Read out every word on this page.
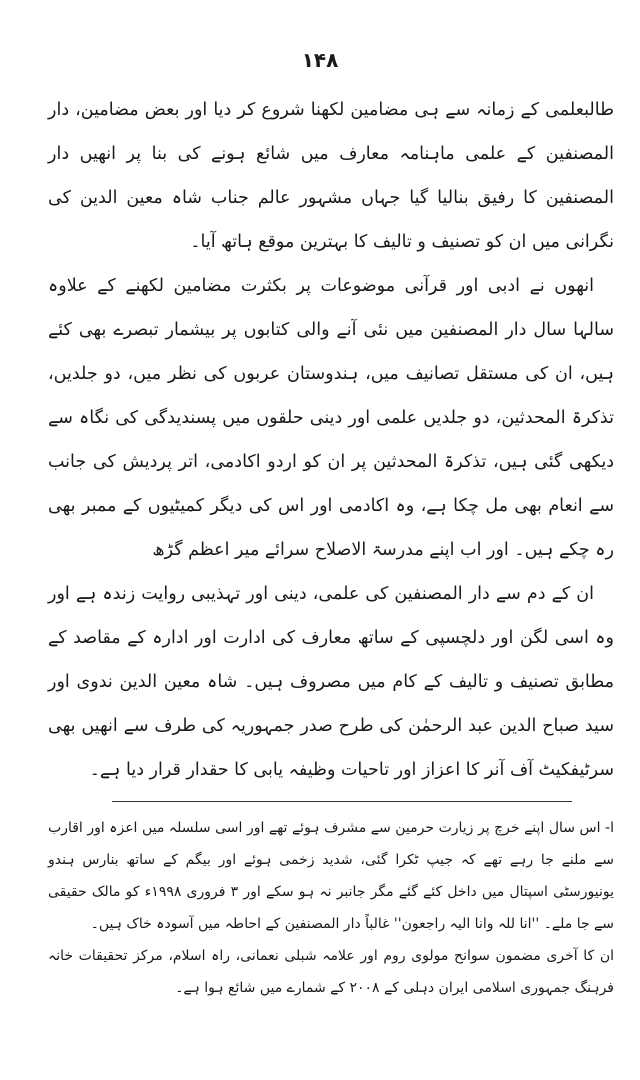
۱۴۸

طالبعلمی کے زمانہ سے ہی مضامین لکھنا شروع کر دیا اور بعض مضامین، دار المصنفین کے علمی ماہنامہ معارف میں شائع ہونے کی بنا پر انھیں دار المصنفین کا رفیق بنالیا گیا جہاں مشہور عالم جناب شاہ معین الدین کی نگرانی میں ان کو تصنیف و تالیف کا بہترین موقع ہاتھ آیا۔

انھوں نے ادبی اور قرآنی موضوعات پر بکثرت مضامین لکھنے کے علاوہ سالہا سال دار المصنفین میں نئی آنے والی کتابوں پر بیشمار تبصرے بھی کئے ہیں، ان کی مستقل تصانیف میں، ہندوستان عربوں کی نظر میں، دو جلدیں، تذکرۃ المحدثین، دو جلدیں علمی اور دینی حلقوں میں پسندیدگی کی نگاہ سے دیکھی گئی ہیں، تذکرۃ المحدثین پر ان کو اردو اکادمی، اتر پردیش کی جانب سے انعام بھی مل چکا ہے، وہ اکادمی اور اس کی دیگر کمیٹیوں کے ممبر بھی رہ چکے ہیں۔ اور اب اپنے مدرسۃ الاصلاح سرائے میر اعظم گڑھ

ان کے دم سے دار المصنفین کی علمی، دینی اور تہذیبی روایت زندہ ہے اور وہ اسی لگن اور دلچسپی کے ساتھ معارف کی ادارت اور ادارہ کے مقاصد کے مطابق تصنیف و تالیف کے کام میں مصروف ہیں۔ شاہ معین الدین ندوی اور سید صباح الدین عبد الرحمٰن کی طرح صدر جمہوریہ کی طرف سے انھیں بھی سرٹیفکیٹ آف آنر کا اعزاز اور تاحیات وظیفہ یابی کا حقدار قرار دیا ہے۔

ا- اس سال اپنے خرچ پر زیارت حرمین سے مشرف ہوئے تھے اور اسی سلسلہ میں اعزہ اور اقارب سے ملنے جا رہے تھے کہ جیپ ٹکرا گئی، شدید زخمی ہوئے اور بیگم کے ساتھ بنارس ہندو یونیورسٹی اسپتال میں داخل کئے گئے مگر جانبر نہ ہو سکے اور ۳ فروری ۱۹۹۸ء کو مالک حقیقی سے جا ملے۔ ''انا للہ وانا الیہ راجعون'' غالباً دار المصنفین کے احاطہ میں آسودہ خاک ہیں۔

ان کا آخری مضمون سوانح مولوی روم اور علامہ شبلی نعمانی، راہ اسلام، مرکز تحقیقات خانہ فرہنگ جمہوری اسلامی ایران دہلی کے ۲۰۰۸ کے شمارے میں شائع ہوا ہے۔
